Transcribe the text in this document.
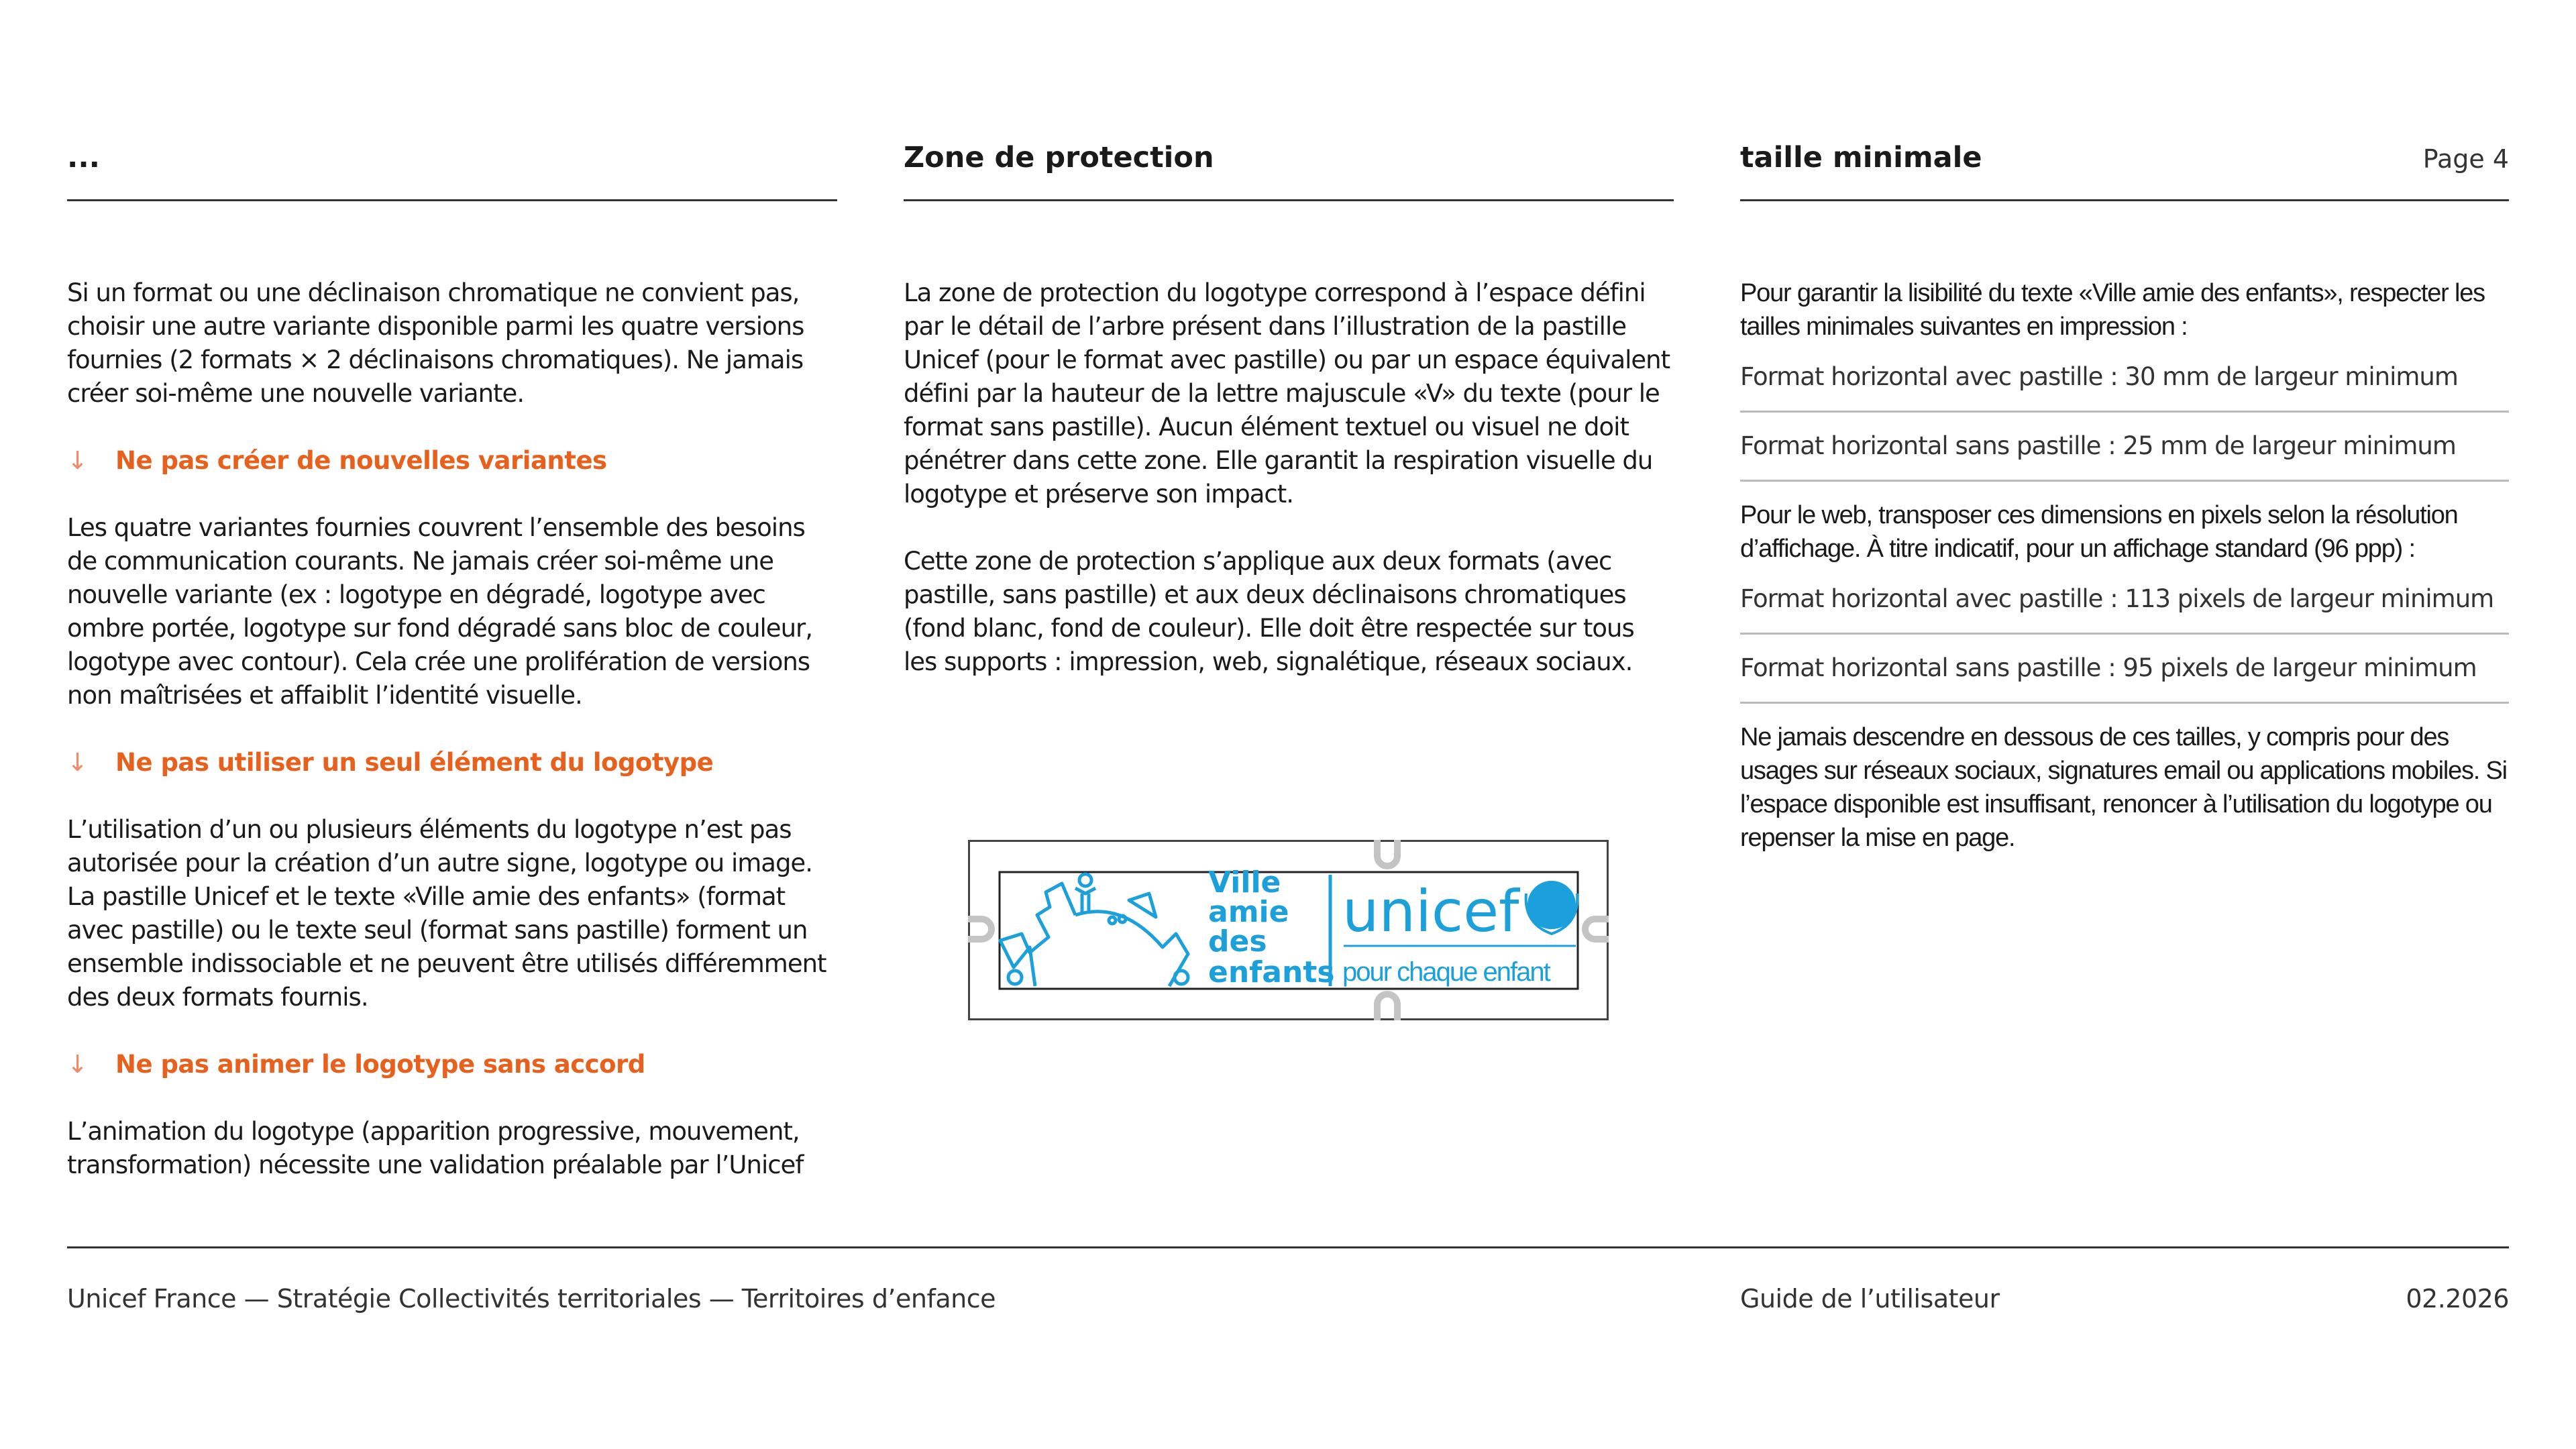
...

Si un format ou une déclinaison chromatique ne convient pas, choisir une autre variante disponible parmi les quatre versions fournies (2 formats × 2 déclinaisons chromatiques). Ne jamais créer soi-même une nouvelle variante.

↓ Ne pas créer de nouvelles variantes

Les quatre variantes fournies couvrent l’ensemble des besoins de communication courants. Ne jamais créer soi-même une nouvelle variante (ex : logotype en dégradé, logotype avec ombre portée, logotype sur fond dégradé sans bloc de couleur, logotype avec contour). Cela crée une prolifération de versions non maîtrisées et affaiblit l’identité visuelle.

↓ Ne pas utiliser un seul élément du logotype

L’utilisation d’un ou plusieurs éléments du logotype n’est pas autorisée pour la création d’un autre signe, logotype ou image. La pastille Unicef et le texte «Ville amie des enfants» (format avec pastille) ou le texte seul (format sans pastille) forment un ensemble indissociable et ne peuvent être utilisés différemment des deux formats fournis.

↓ Ne pas animer le logotype sans accord

L’animation du logotype (apparition progressive, mouvement, transformation) nécessite une validation préalable par l’Unicef

Zone de protection

La zone de protection du logotype correspond à l’espace défini par le détail de l’arbre présent dans l’illustration de la pastille Unicef (pour le format avec pastille) ou par un espace équivalent défini par la hauteur de la lettre majuscule «V» du texte (pour le format sans pastille). Aucun élément textuel ou visuel ne doit pénétrer dans cette zone. Elle garantit la respiration visuelle du logotype et préserve son impact.

Cette zone de protection s’applique aux deux formats (avec pastille, sans pastille) et aux deux déclinaisons chromatiques (fond blanc, fond de couleur). Elle doit être respectée sur tous les supports : impression, web, signalétique, réseaux sociaux.

Ville
amie
des
enfants
unicef
pour chaque enfant
taille minimale	Page 4
Pour garantir la lisibilité du texte «Ville amie des enfants», respecter les tailles minimales suivantes en impression :
Format horizontal avec pastille : 30 mm de largeur minimum
Format horizontal sans pastille : 25 mm de largeur minimum
Pour le web, transposer ces dimensions en pixels selon la résolution d’affichage. À titre indicatif, pour un affichage standard (96 ppp) :
Format horizontal avec pastille : 113 pixels de largeur minimum
Format horizontal sans pastille : 95 pixels de largeur minimum
Ne jamais descendre en dessous de ces tailles, y compris pour des usages sur réseaux sociaux, signatures email ou applications mobiles. Si l’espace disponible est insuffisant, renoncer à l’utilisation du logotype ou repenser la mise en page.
Unicef France — Stratégie Collectivités territoriales — Territoires d’enfance	Guide de l’utilisateur	02.2026
